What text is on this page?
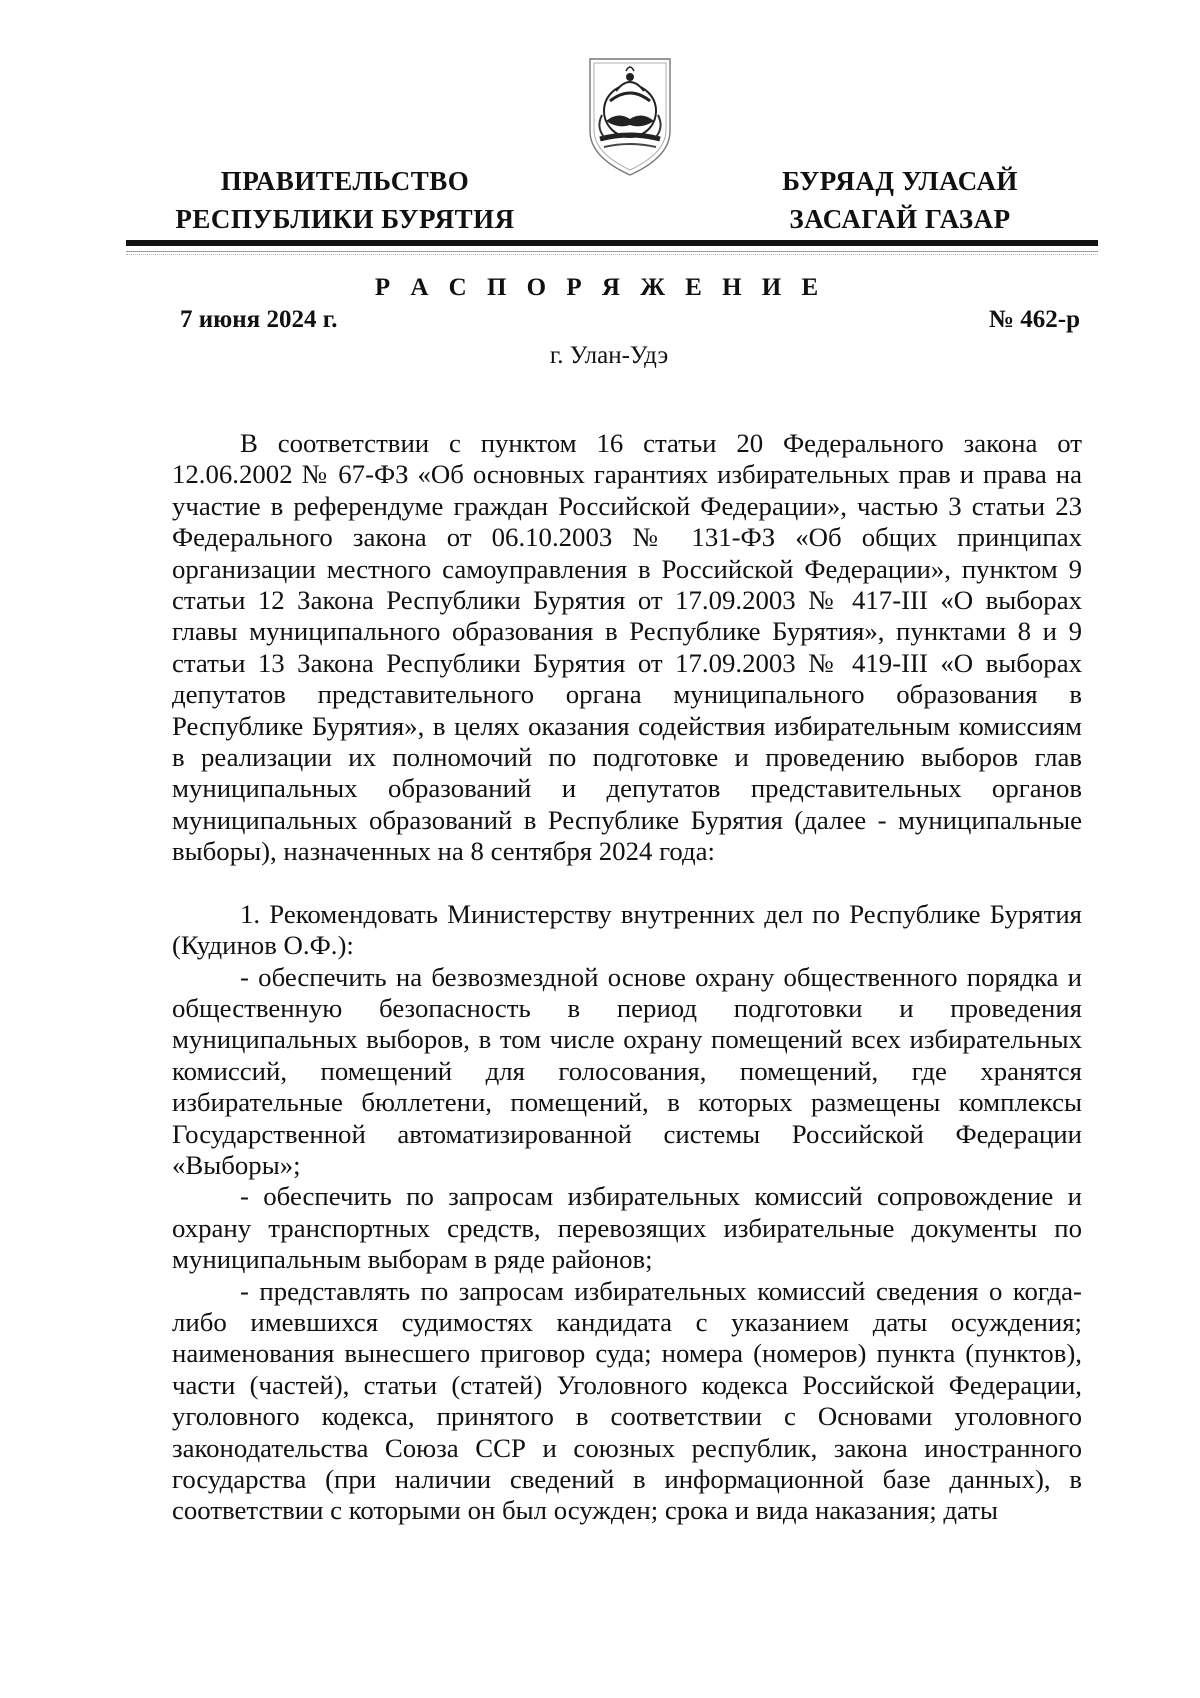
ПРАВИТЕЛЬСТВО
РЕСПУБЛИКИ БУРЯТИЯ
БУРЯАД УЛАСАЙ
ЗАСАГАЙ ГАЗАР
Р А С П О Р Я Ж Е Н И Е
7 июня 2024 г.	№ 462-р
г. Улан-Удэ

В соответствии с пунктом 16 статьи 20 Федерального закона от 12.06.2002 № 67-ФЗ «Об основных гарантиях избирательных прав и права на участие в референдуме граждан Российской Федерации», частью 3 статьи 23 Федерального закона от 06.10.2003 № 131-ФЗ «Об общих принципах организации местного самоуправления в Российской Федерации», пунктом 9 статьи 12 Закона Республики Бурятия от 17.09.2003 № 417-III «О выборах главы муниципального образования в Республике Бурятия», пунктами 8 и 9 статьи 13 Закона Республики Бурятия от 17.09.2003 № 419-III «О выборах депутатов представительного органа муниципального образования в Республике Бурятия», в целях оказания содействия избирательным комиссиям в реализации их полномочий по подготовке и проведению выборов глав муниципальных образований и депутатов представительных органов муниципальных образований в Республике Бурятия (далее - муниципальные выборы), назначенных на 8 сентября 2024 года:

1. Рекомендовать Министерству внутренних дел по Республике Бурятия (Кудинов О.Ф.):

- обеспечить на безвозмездной основе охрану общественного порядка и общественную безопасность в период подготовки и проведения муниципальных выборов, в том числе охрану помещений всех избирательных комиссий, помещений для голосования, помещений, где хранятся избирательные бюллетени, помещений, в которых размещены комплексы Государственной автоматизированной системы Российской Федерации «Выборы»;

- обеспечить по запросам избирательных комиссий сопровождение и охрану транспортных средств, перевозящих избирательные документы по муниципальным выборам в ряде районов;

- представлять по запросам избирательных комиссий сведения о когда-либо имевшихся судимостях кандидата с указанием даты осуждения; наименования вынесшего приговор суда; номера (номеров) пункта (пунктов), части (частей), статьи (статей) Уголовного кодекса Российской Федерации, уголовного кодекса, принятого в соответствии с Основами уголовного законодательства Союза ССР и союзных республик, закона иностранного государства (при наличии сведений в информационной базе данных), в соответствии с которыми он был осужден; срока и вида наказания; даты
